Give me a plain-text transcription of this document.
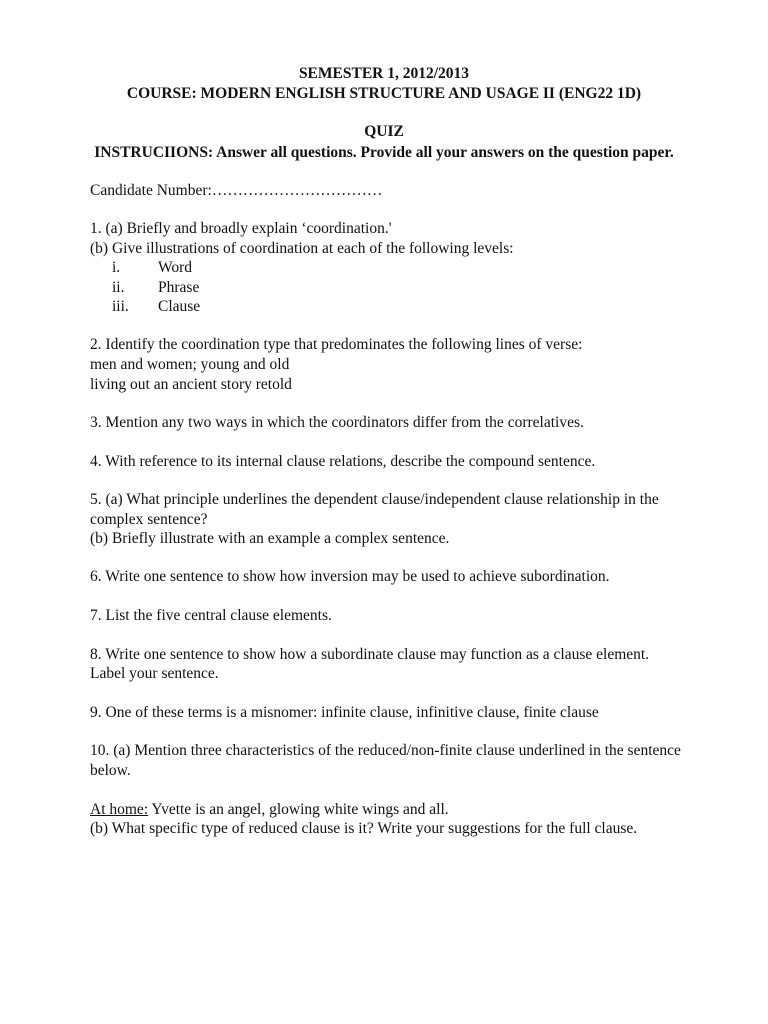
SEMESTER 1, 2012/2013
COURSE: MODERN ENGLISH STRUCTURE AND USAGE II (ENG22 1D)
QUIZ
INSTRUCIIONS: Answer all questions. Provide all your answers on the question paper.
Candidate Number:……………………………
1. (a) Briefly and broadly explain ‘coordination.'
(b) Give illustrations of coordination at each of the following levels:
i. Word
ii. Phrase
iii. Clause
2. Identify the coordination type that predominates the following lines of verse:
men and women; young and old
living out an ancient story retold
3. Mention any two ways in which the coordinators differ from the correlatives.
4. With reference to its internal clause relations, describe the compound sentence.
5. (a) What principle underlines the dependent clause/independent clause relationship in the
complex sentence?
(b) Briefly illustrate with an example a complex sentence.
6. Write one sentence to show how inversion may be used to achieve subordination.
7. List the five central clause elements.
8. Write one sentence to show how a subordinate clause may function as a clause element.
Label your sentence.
9. One of these terms is a misnomer: infinite clause, infinitive clause, finite clause
10. (a) Mention three characteristics of the reduced/non-finite clause underlined in the sentence
below.
At home: Yvette is an angel, glowing white wings and all.
(b) What specific type of reduced clause is it? Write your suggestions for the full clause.
